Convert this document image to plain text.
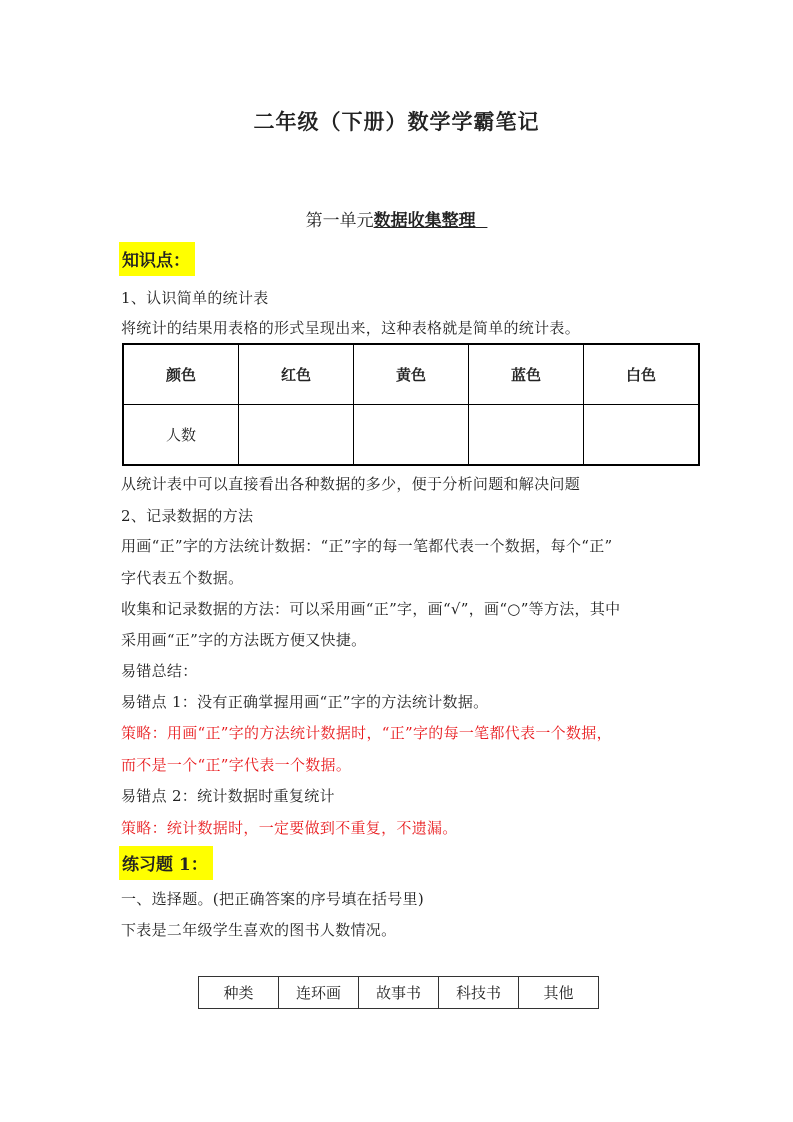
二年级（下册）数学学霸笔记
第一单元数据收集整理
知识点：
1、认识简单的统计表
将统计的结果用表格的形式呈现出来，这种表格就是简单的统计表。
颜色	红色	黄色	蓝色	白色
人数				
从统计表中可以直接看出各种数据的多少，便于分析问题和解决问题
2、记录数据的方法
用画“正”字的方法统计数据：“正”字的每一笔都代表一个数据，每个“正”
字代表五个数据。
收集和记录数据的方法：可以采用画“正”字，画“√”，画“○”等方法，其中
采用画“正”字的方法既方便又快捷。
易错总结：
易错点 1：没有正确掌握用画“正”字的方法统计数据。
策略：用画“正”字的方法统计数据时，“正”字的每一笔都代表一个数据，
而不是一个“正”字代表一个数据。
易错点 2：统计数据时重复统计
策略：统计数据时，一定要做到不重复，不遗漏。
练习题 1：
一、选择题。(把正确答案的序号填在括号里)
下表是二年级学生喜欢的图书人数情况。
种类	连环画	故事书	科技书	其他
